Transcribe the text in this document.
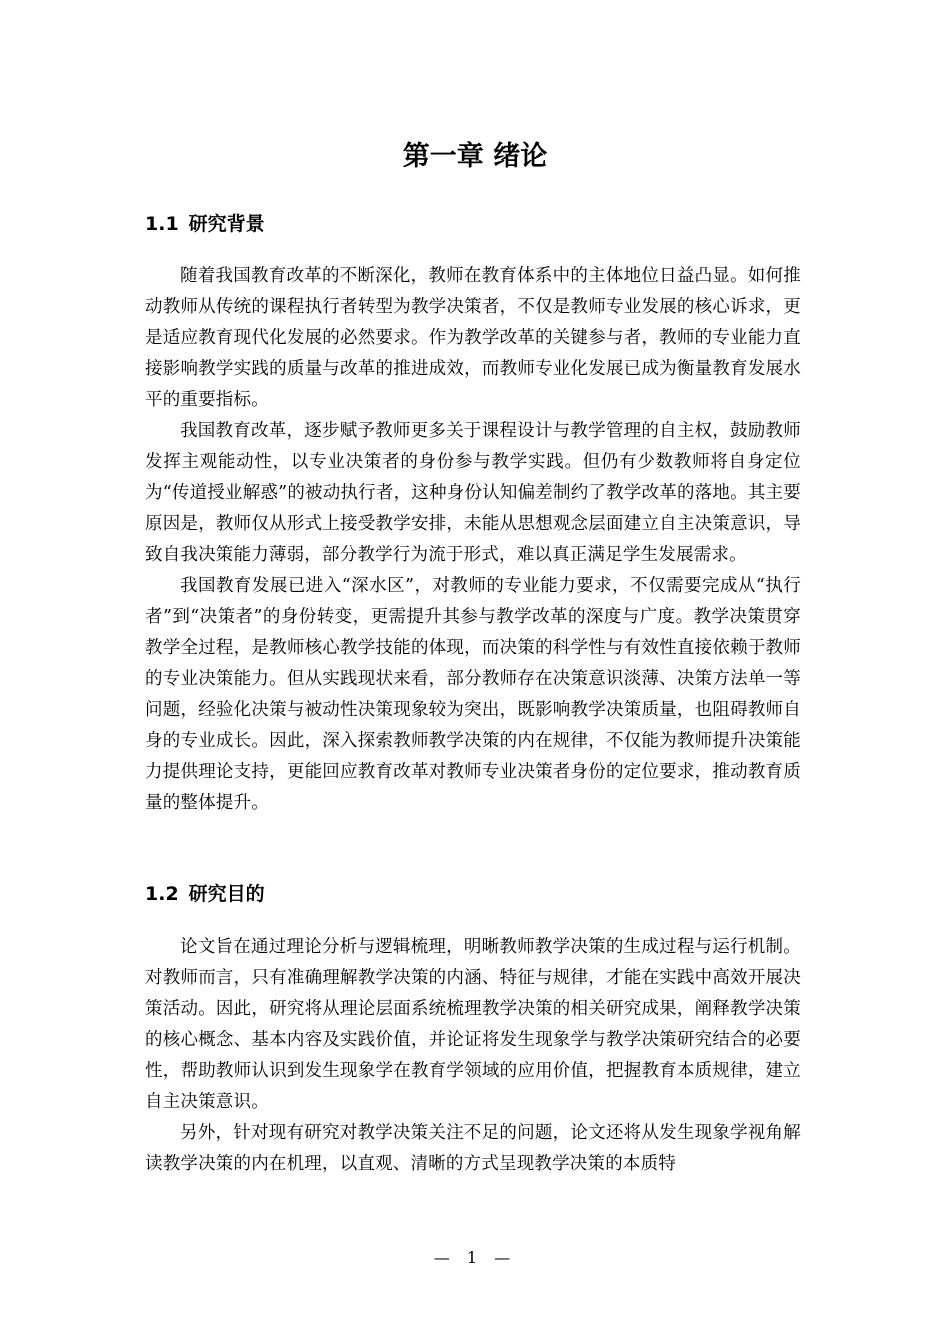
第一章 绪论
1.1 研究背景

随着我国教育改革的不断深化，教师在教育体系中的主体地位日益凸显。如何推动教师从传统的课程执行者转型为教学决策者，不仅是教师专业发展的核心诉求，更是适应教育现代化发展的必然要求。作为教学改革的关键参与者，教师的专业能力直接影响教学实践的质量与改革的推进成效，而教师专业化发展已成为衡量教育发展水平的重要指标。

我国教育改革，逐步赋予教师更多关于课程设计与教学管理的自主权，鼓励教师发挥主观能动性，以专业决策者的身份参与教学实践。但仍有少数教师将自身定位为“传道授业解惑”的被动执行者，这种身份认知偏差制约了教学改革的落地。其主要原因是，教师仅从形式上接受教学安排，未能从思想观念层面建立自主决策意识，导致自我决策能力薄弱，部分教学行为流于形式，难以真正满足学生发展需求。

我国教育发展已进入“深水区”，对教师的专业能力要求，不仅需要完成从“执行者”到“决策者”的身份转变，更需提升其参与教学改革的深度与广度。教学决策贯穿教学全过程，是教师核心教学技能的体现，而决策的科学性与有效性直接依赖于教师的专业决策能力。但从实践现状来看，部分教师存在决策意识淡薄、决策方法单一等问题，经验化决策与被动性决策现象较为突出，既影响教学决策质量，也阻碍教师自身的专业成长。因此，深入探索教师教学决策的内在规律，不仅能为教师提升决策能力提供理论支持，更能回应教育改革对教师专业决策者身份的定位要求，推动教育质量的整体提升。

1.2 研究目的

论文旨在通过理论分析与逻辑梳理，明晰教师教学决策的生成过程与运行机制。对教师而言，只有准确理解教学决策的内涵、特征与规律，才能在实践中高效开展决策活动。因此，研究将从理论层面系统梳理教学决策的相关研究成果，阐释教学决策的核心概念、基本内容及实践价值，并论证将发生现象学与教学决策研究结合的必要性，帮助教师认识到发生现象学在教育学领域的应用价值，把握教育本质规律，建立自主决策意识。

另外，针对现有研究对教学决策关注不足的问题，论文还将从发生现象学视角解读教学决策的内在机理，以直观、清晰的方式呈现教学决策的本质特

— 1 —
